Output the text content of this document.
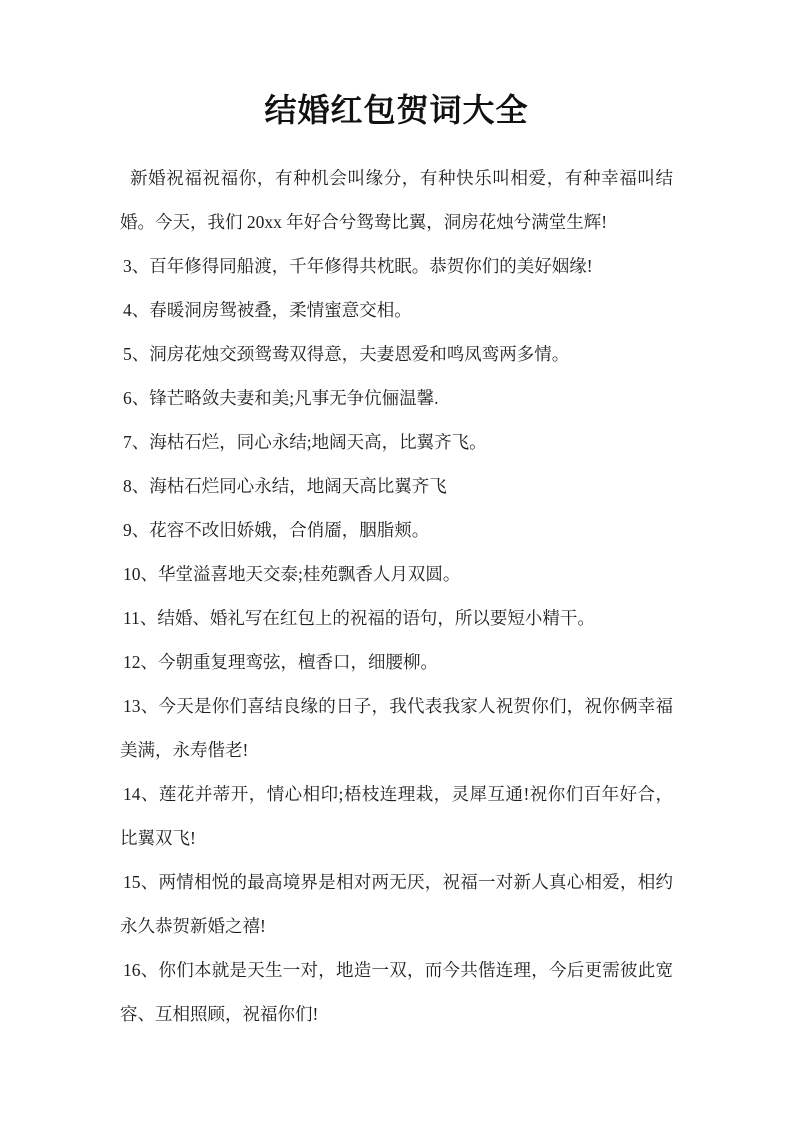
结婚红包贺词大全

新婚祝福祝福你，有种机会叫缘分，有种快乐叫相爱，有种幸福叫结婚。今天，我们 20xx 年好合兮鸳鸯比翼，洞房花烛兮满堂生辉!

3、百年修得同船渡，千年修得共枕眠。恭贺你们的美好姻缘!

4、春暖洞房鸳被叠，柔情蜜意交相。

5、洞房花烛交颈鸳鸯双得意，夫妻恩爱和鸣凤鸾两多情。

6、锋芒略敛夫妻和美;凡事无争伉俪温馨.

7、海枯石烂，同心永结;地阔天高，比翼齐飞。

8、海枯石烂同心永结，地阔天高比翼齐飞

9、花容不改旧娇娥，合俏靥，胭脂颊。

10、华堂溢喜地天交泰;桂苑飘香人月双圆。

11、结婚、婚礼写在红包上的祝福的语句，所以要短小精干。

12、今朝重复理鸾弦，檀香口，细腰柳。

13、今天是你们喜结良缘的日子，我代表我家人祝贺你们，祝你俩幸福美满，永寿偕老!

14、莲花并蒂开，情心相印;梧枝连理栽，灵犀互通!祝你们百年好合，比翼双飞!

15、两情相悦的最高境界是相对两无厌，祝福一对新人真心相爱，相约永久恭贺新婚之禧!

16、你们本就是天生一对，地造一双，而今共偕连理，今后更需彼此宽容、互相照顾，祝福你们!
